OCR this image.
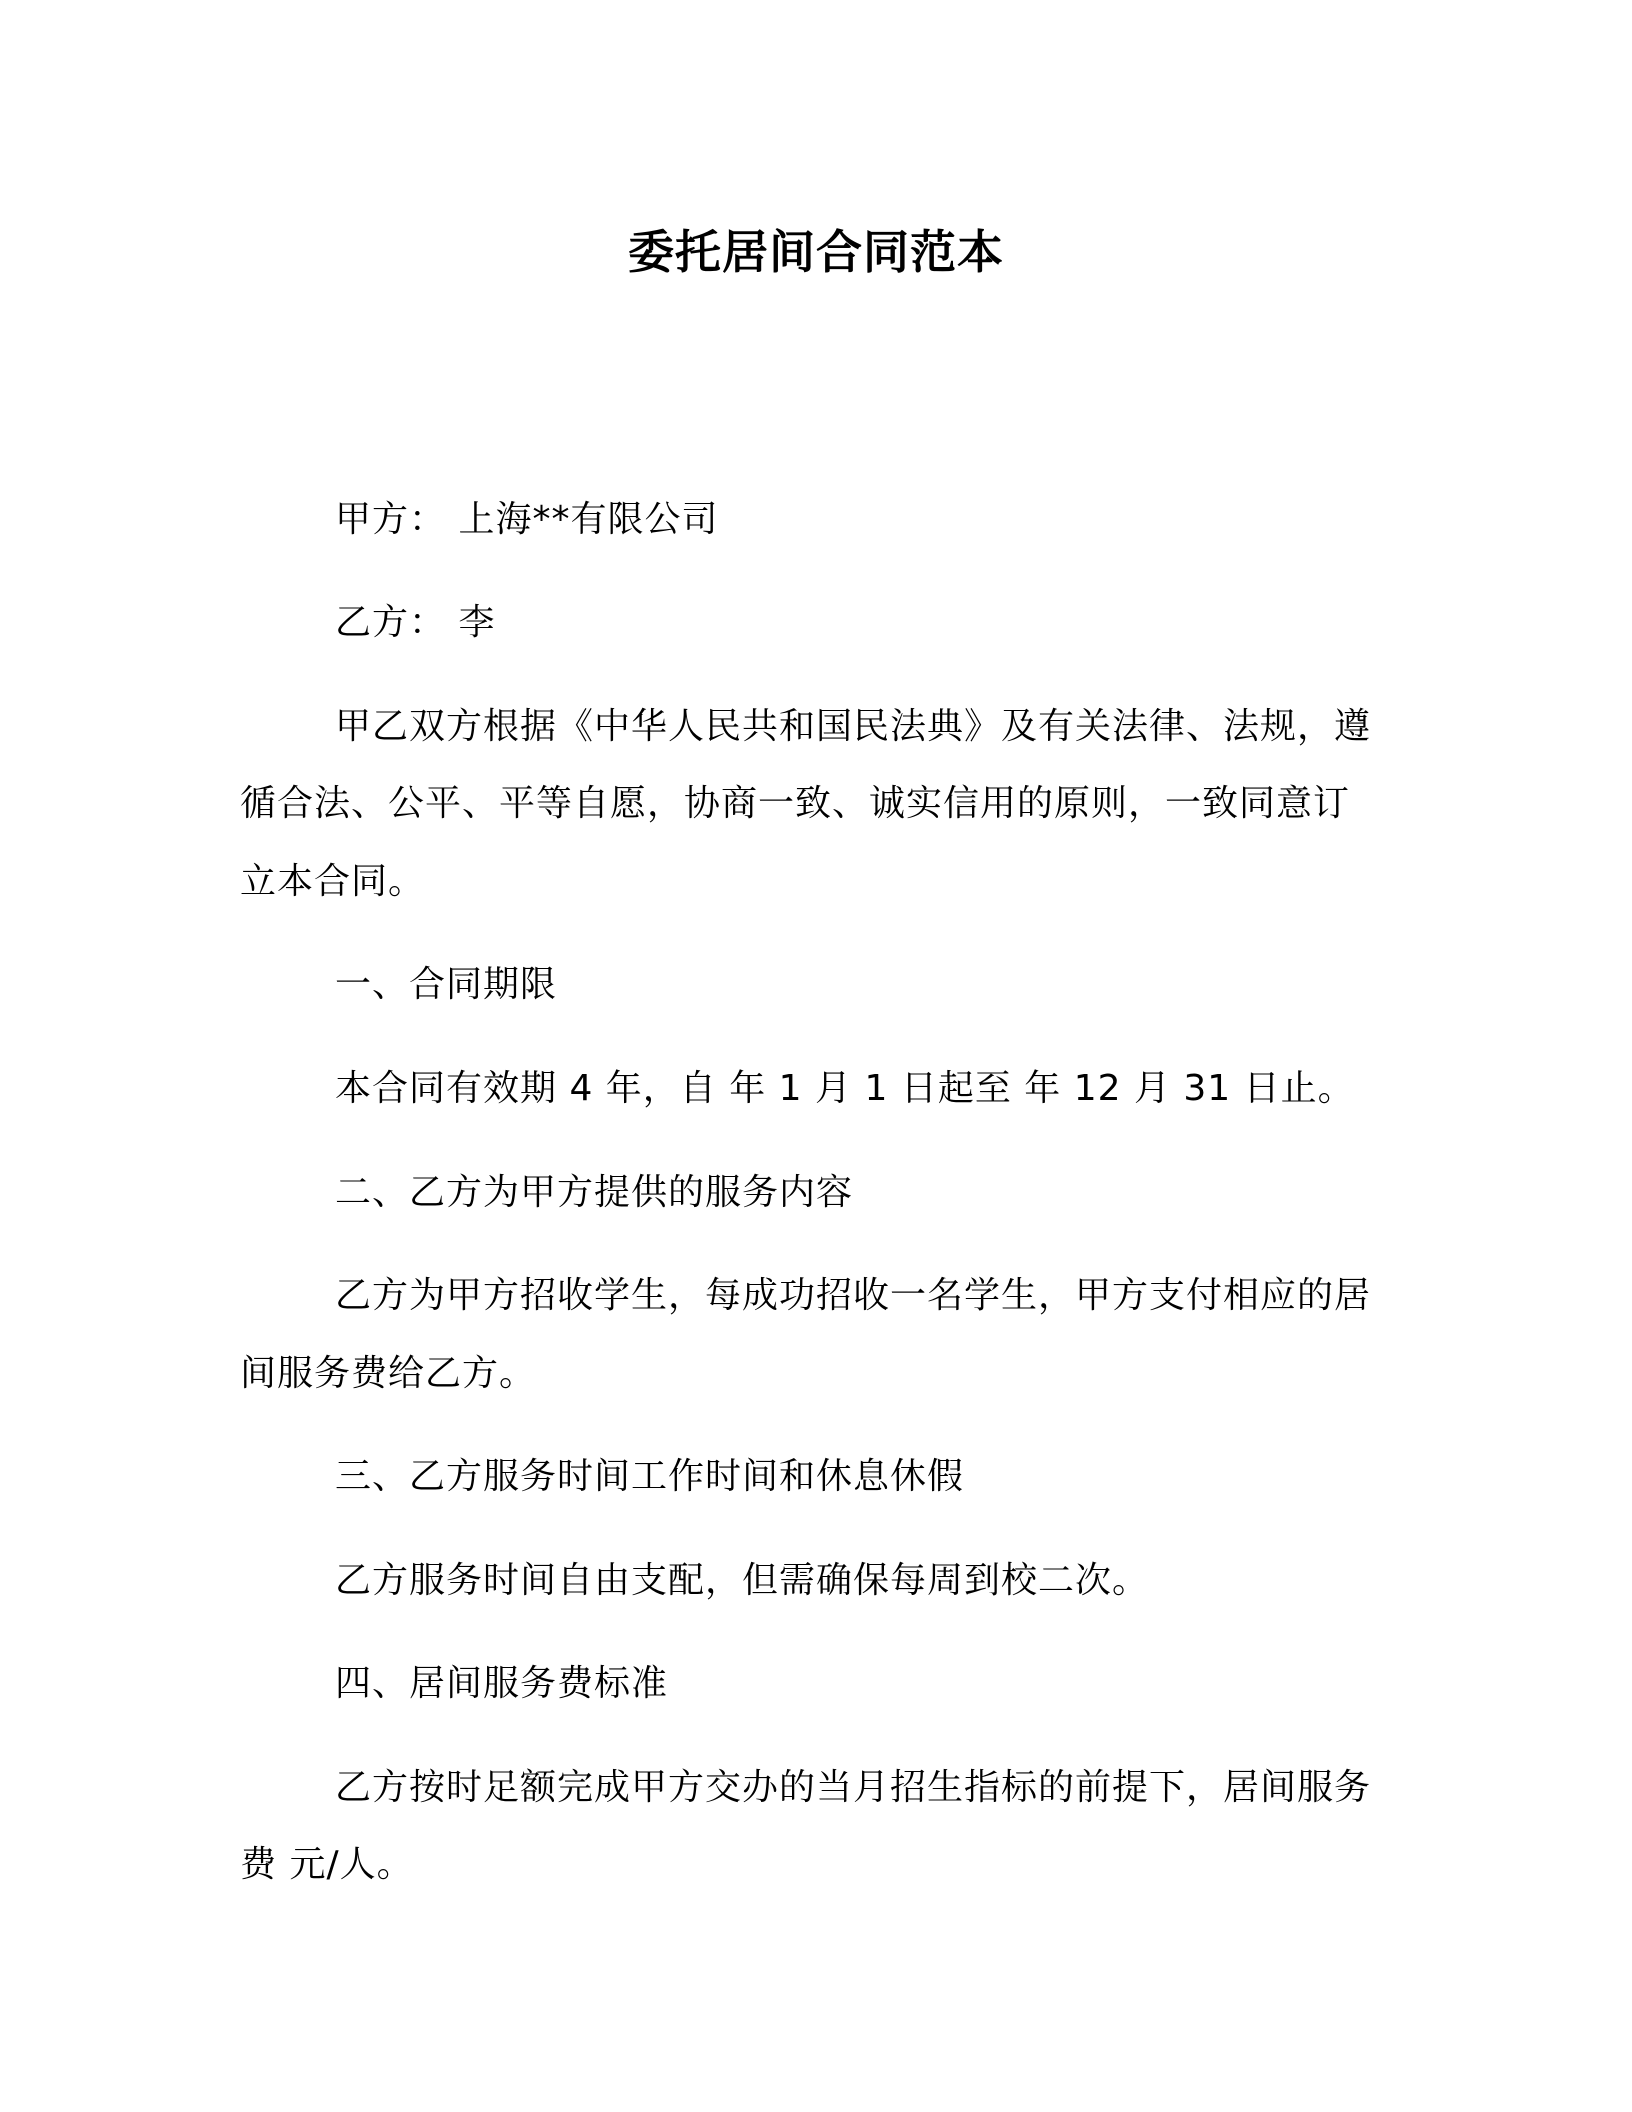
委托居间合同范本
甲方： 上海**有限公司
乙方： 李
甲乙双方根据《中华人民共和国民法典》及有关法律、法规，遵
循合法、公平、平等自愿，协商一致、诚实信用的原则，一致同意订
立本合同。
一、合同期限
本合同有效期 4 年，自 年 1 月 1 日起至 年 12 月 31 日止。
二、乙方为甲方提供的服务内容
乙方为甲方招收学生，每成功招收一名学生，甲方支付相应的居
间服务费给乙方。
三、乙方服务时间工作时间和休息休假
乙方服务时间自由支配，但需确保每周到校二次。
四、居间服务费标准
乙方按时足额完成甲方交办的当月招生指标的前提下，居间服务
费 元/人。
